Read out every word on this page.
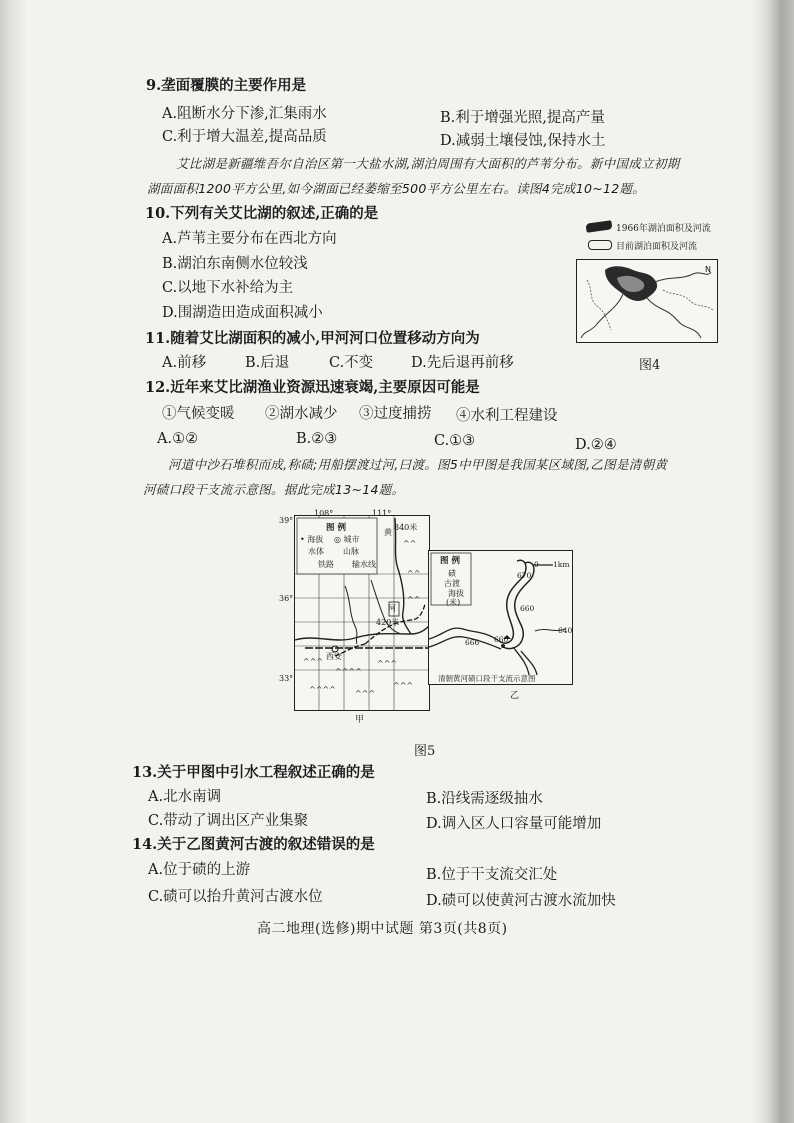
9.垄面覆膜的主要作用是
A.阻断水分下渗,汇集雨水	B.利于增强光照,提高产量
C.利于增大温差,提高品质	D.减弱土壤侵蚀,保持水土
艾比湖是新疆维吾尔自治区第一大盐水湖,湖泊周围有大面积的芦苇分布。新中国成立初期
湖面面积1200平方公里,如今湖面已经萎缩至500平方公里左右。读图4完成10~12题。
10.下列有关艾比湖的叙述,正确的是
A.芦苇主要分布在西北方向
B.湖泊东南侧水位较浅
C.以地下水补给为主
D.围湖造田造成面积减小
N
1966年湖泊面积及河流
目前湖泊面积及河流
图4
11.随着艾比湖面积的减小,甲河河口位置移动方向为
A.前移	B.后退	C.不变	D.先后退再前移
12.近年来艾比湖渔业资源迅速衰竭,主要原因可能是
①气候变暖 ②湖水减少 ③过度捕捞 ④水利工程建设
A.①②	B.②③	C.①③	D.②④
河道中沙石堆积而成,称碛;用船摆渡过河,曰渡。图5中甲图是我国某区域图,乙图是清朝黄
河碛口段干支流示意图。据此完成13~14题。
^^^
^^^^
^^^
^^^^ ^^^
^^^
^^
^^
^^
39°
36°
33°
108°	111°
图 例
• 海拔 ◎ 城市
水体 山脉
铁路 输水线
840米
420米
黄
河
西安
甲
图 例
碛
古渡
海拔
(米)
0 1km
670
660
660
640
666
清朝黄河碛口段干支流示意图
乙
图5
13.关于甲图中引水工程叙述正确的是
A.北水南调	B.沿线需逐级抽水
C.带动了调出区产业集聚	D.调入区人口容量可能增加
14.关于乙图黄河古渡的叙述错误的是
A.位于碛的上游	B.位于干支流交汇处
C.碛可以抬升黄河古渡水位	D.碛可以使黄河古渡水流加快
高二地理(选修)期中试题 第3页(共8页)
